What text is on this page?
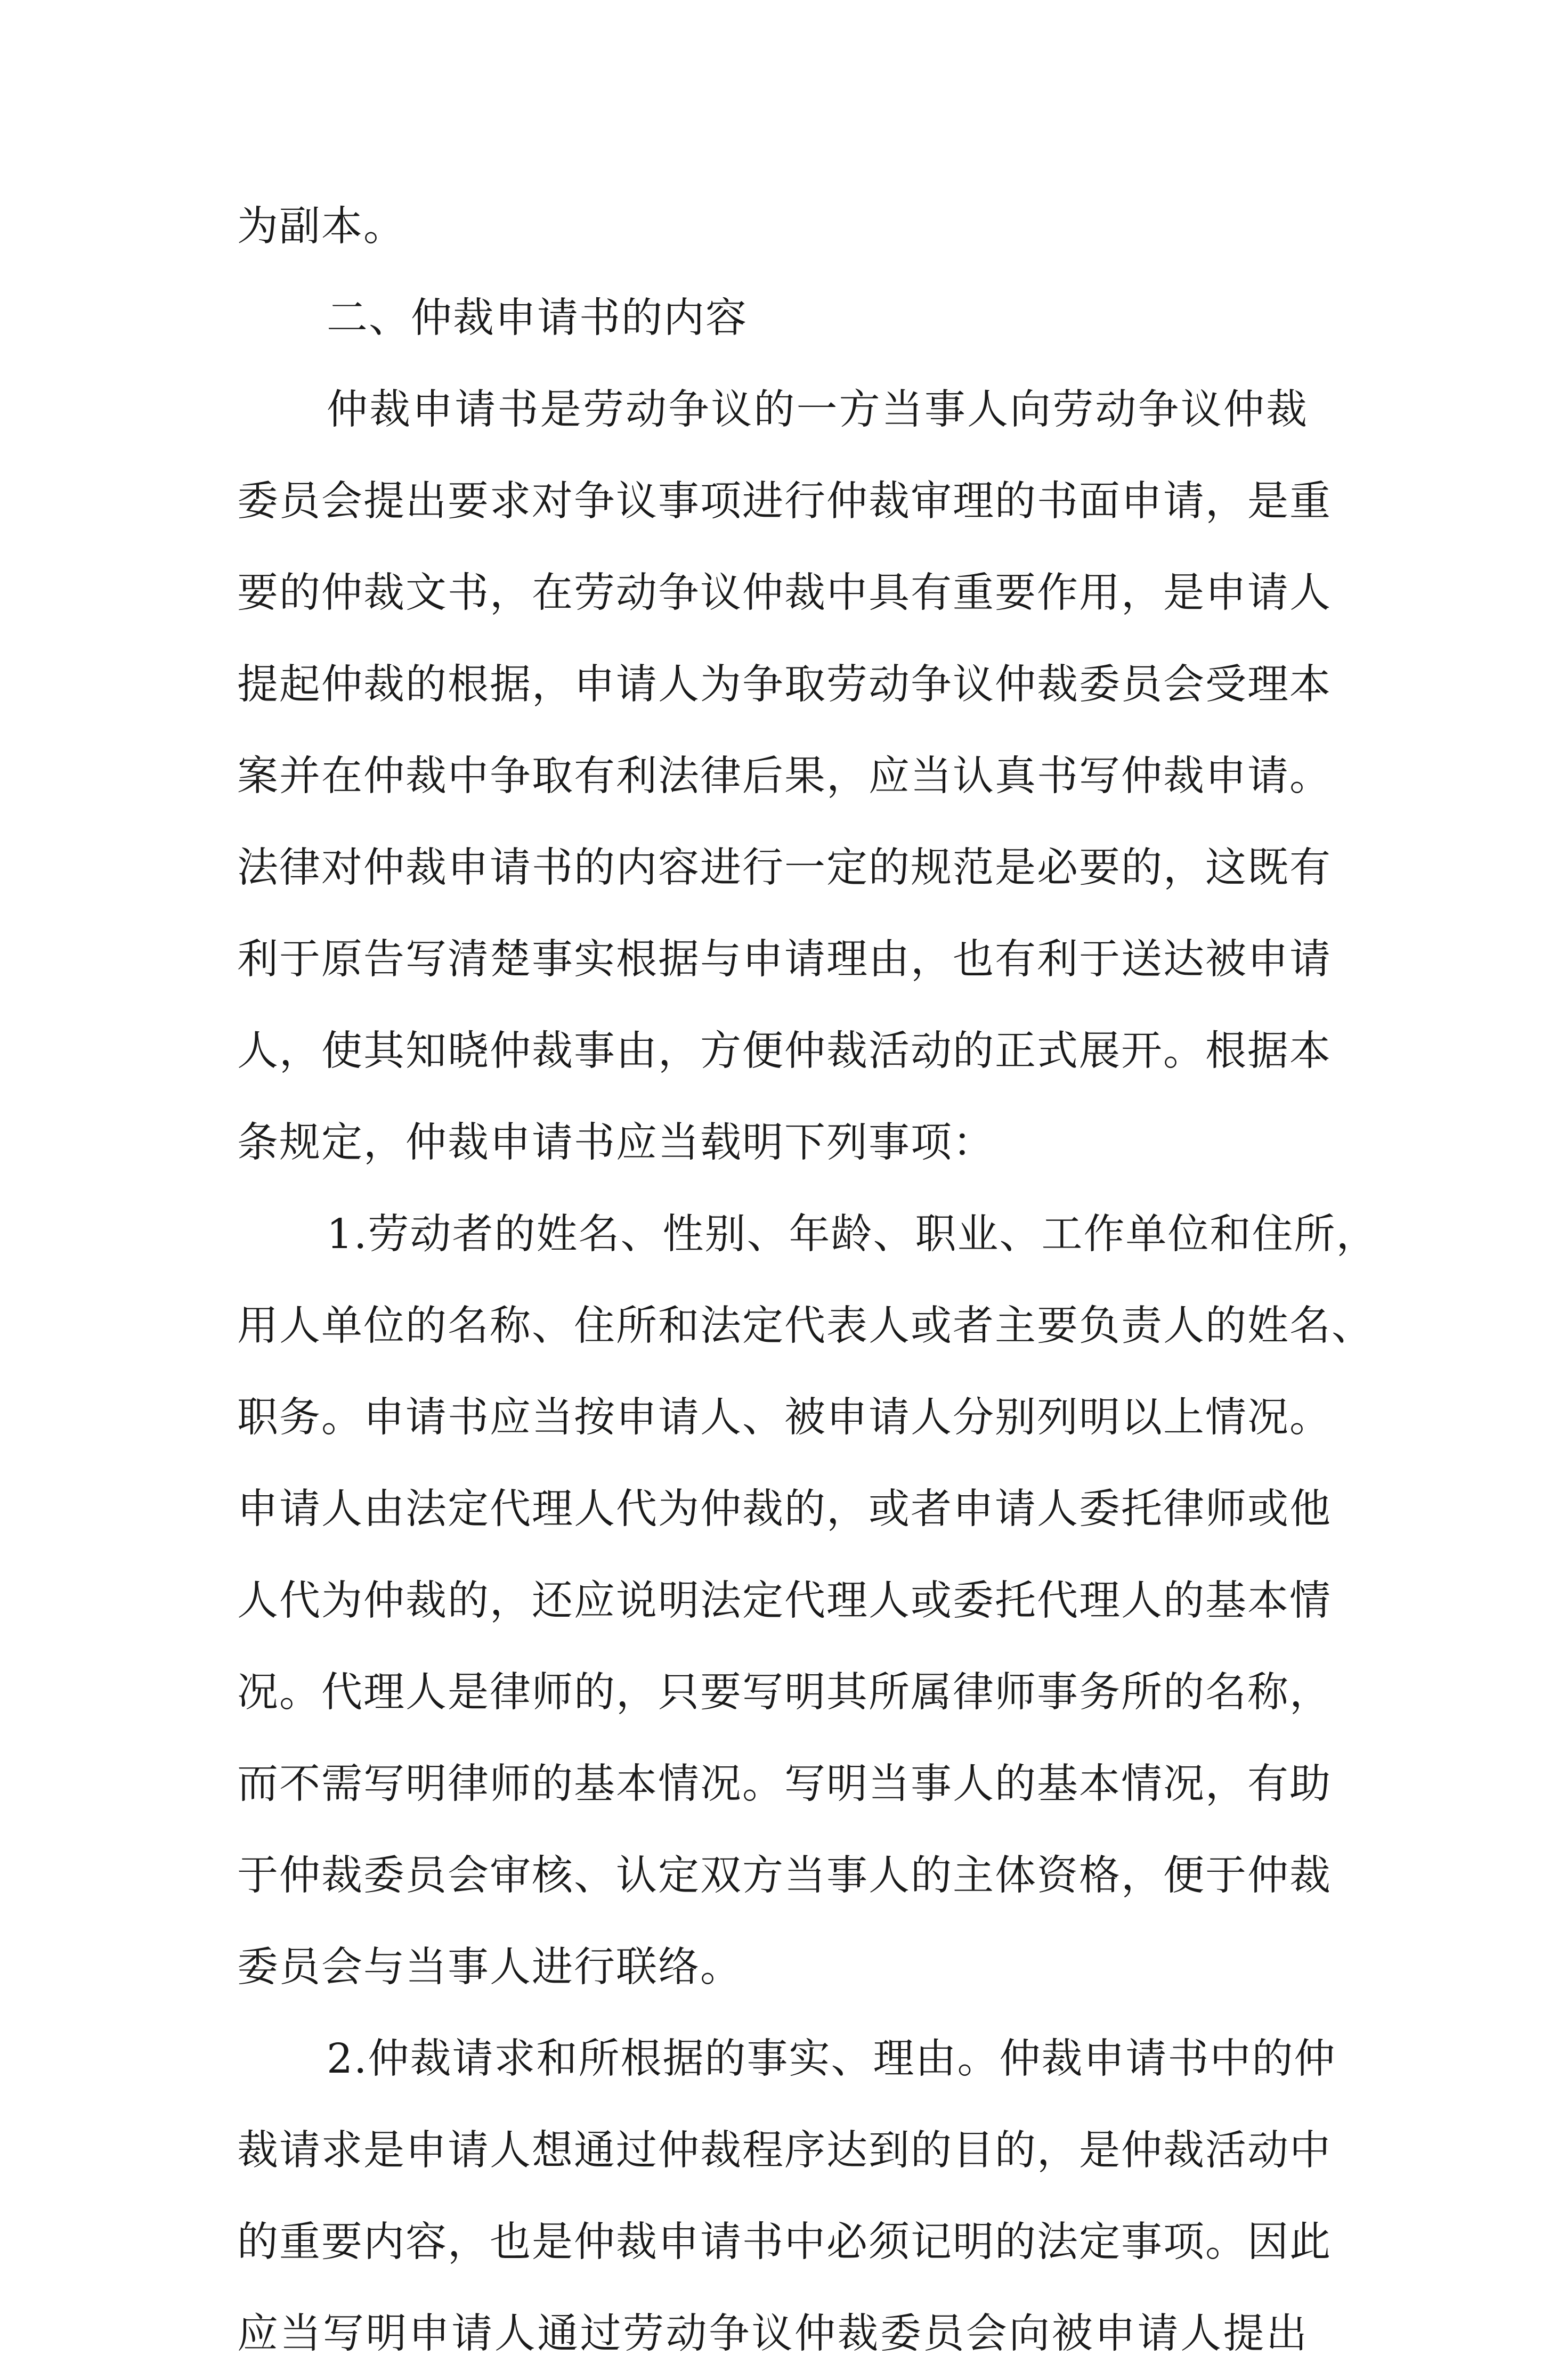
为副本。
二、仲裁申请书的内容
仲裁申请书是劳动争议的一方当事人向劳动争议仲裁
委员会提出要求对争议事项进行仲裁审理的书面申请，是重
要的仲裁文书，在劳动争议仲裁中具有重要作用，是申请人
提起仲裁的根据，申请人为争取劳动争议仲裁委员会受理本
案并在仲裁中争取有利法律后果，应当认真书写仲裁申请。
法律对仲裁申请书的内容进行一定的规范是必要的，这既有
利于原告写清楚事实根据与申请理由，也有利于送达被申请
人，使其知晓仲裁事由，方便仲裁活动的正式展开。根据本
条规定，仲裁申请书应当载明下列事项：
1.劳动者的姓名、性别、年龄、职业、工作单位和住所，
用人单位的名称、住所和法定代表人或者主要负责人的姓名、
职务。申请书应当按申请人、被申请人分别列明以上情况。
申请人由法定代理人代为仲裁的，或者申请人委托律师或他
人代为仲裁的，还应说明法定代理人或委托代理人的基本情
况。代理人是律师的，只要写明其所属律师事务所的名称，
而不需写明律师的基本情况。写明当事人的基本情况，有助
于仲裁委员会审核、认定双方当事人的主体资格，便于仲裁
委员会与当事人进行联络。
2.仲裁请求和所根据的事实、理由。仲裁申请书中的仲
裁请求是申请人想通过仲裁程序达到的目的，是仲裁活动中
的重要内容，也是仲裁申请书中必须记明的法定事项。因此
应当写明申请人通过劳动争议仲裁委员会向被申请人提出
